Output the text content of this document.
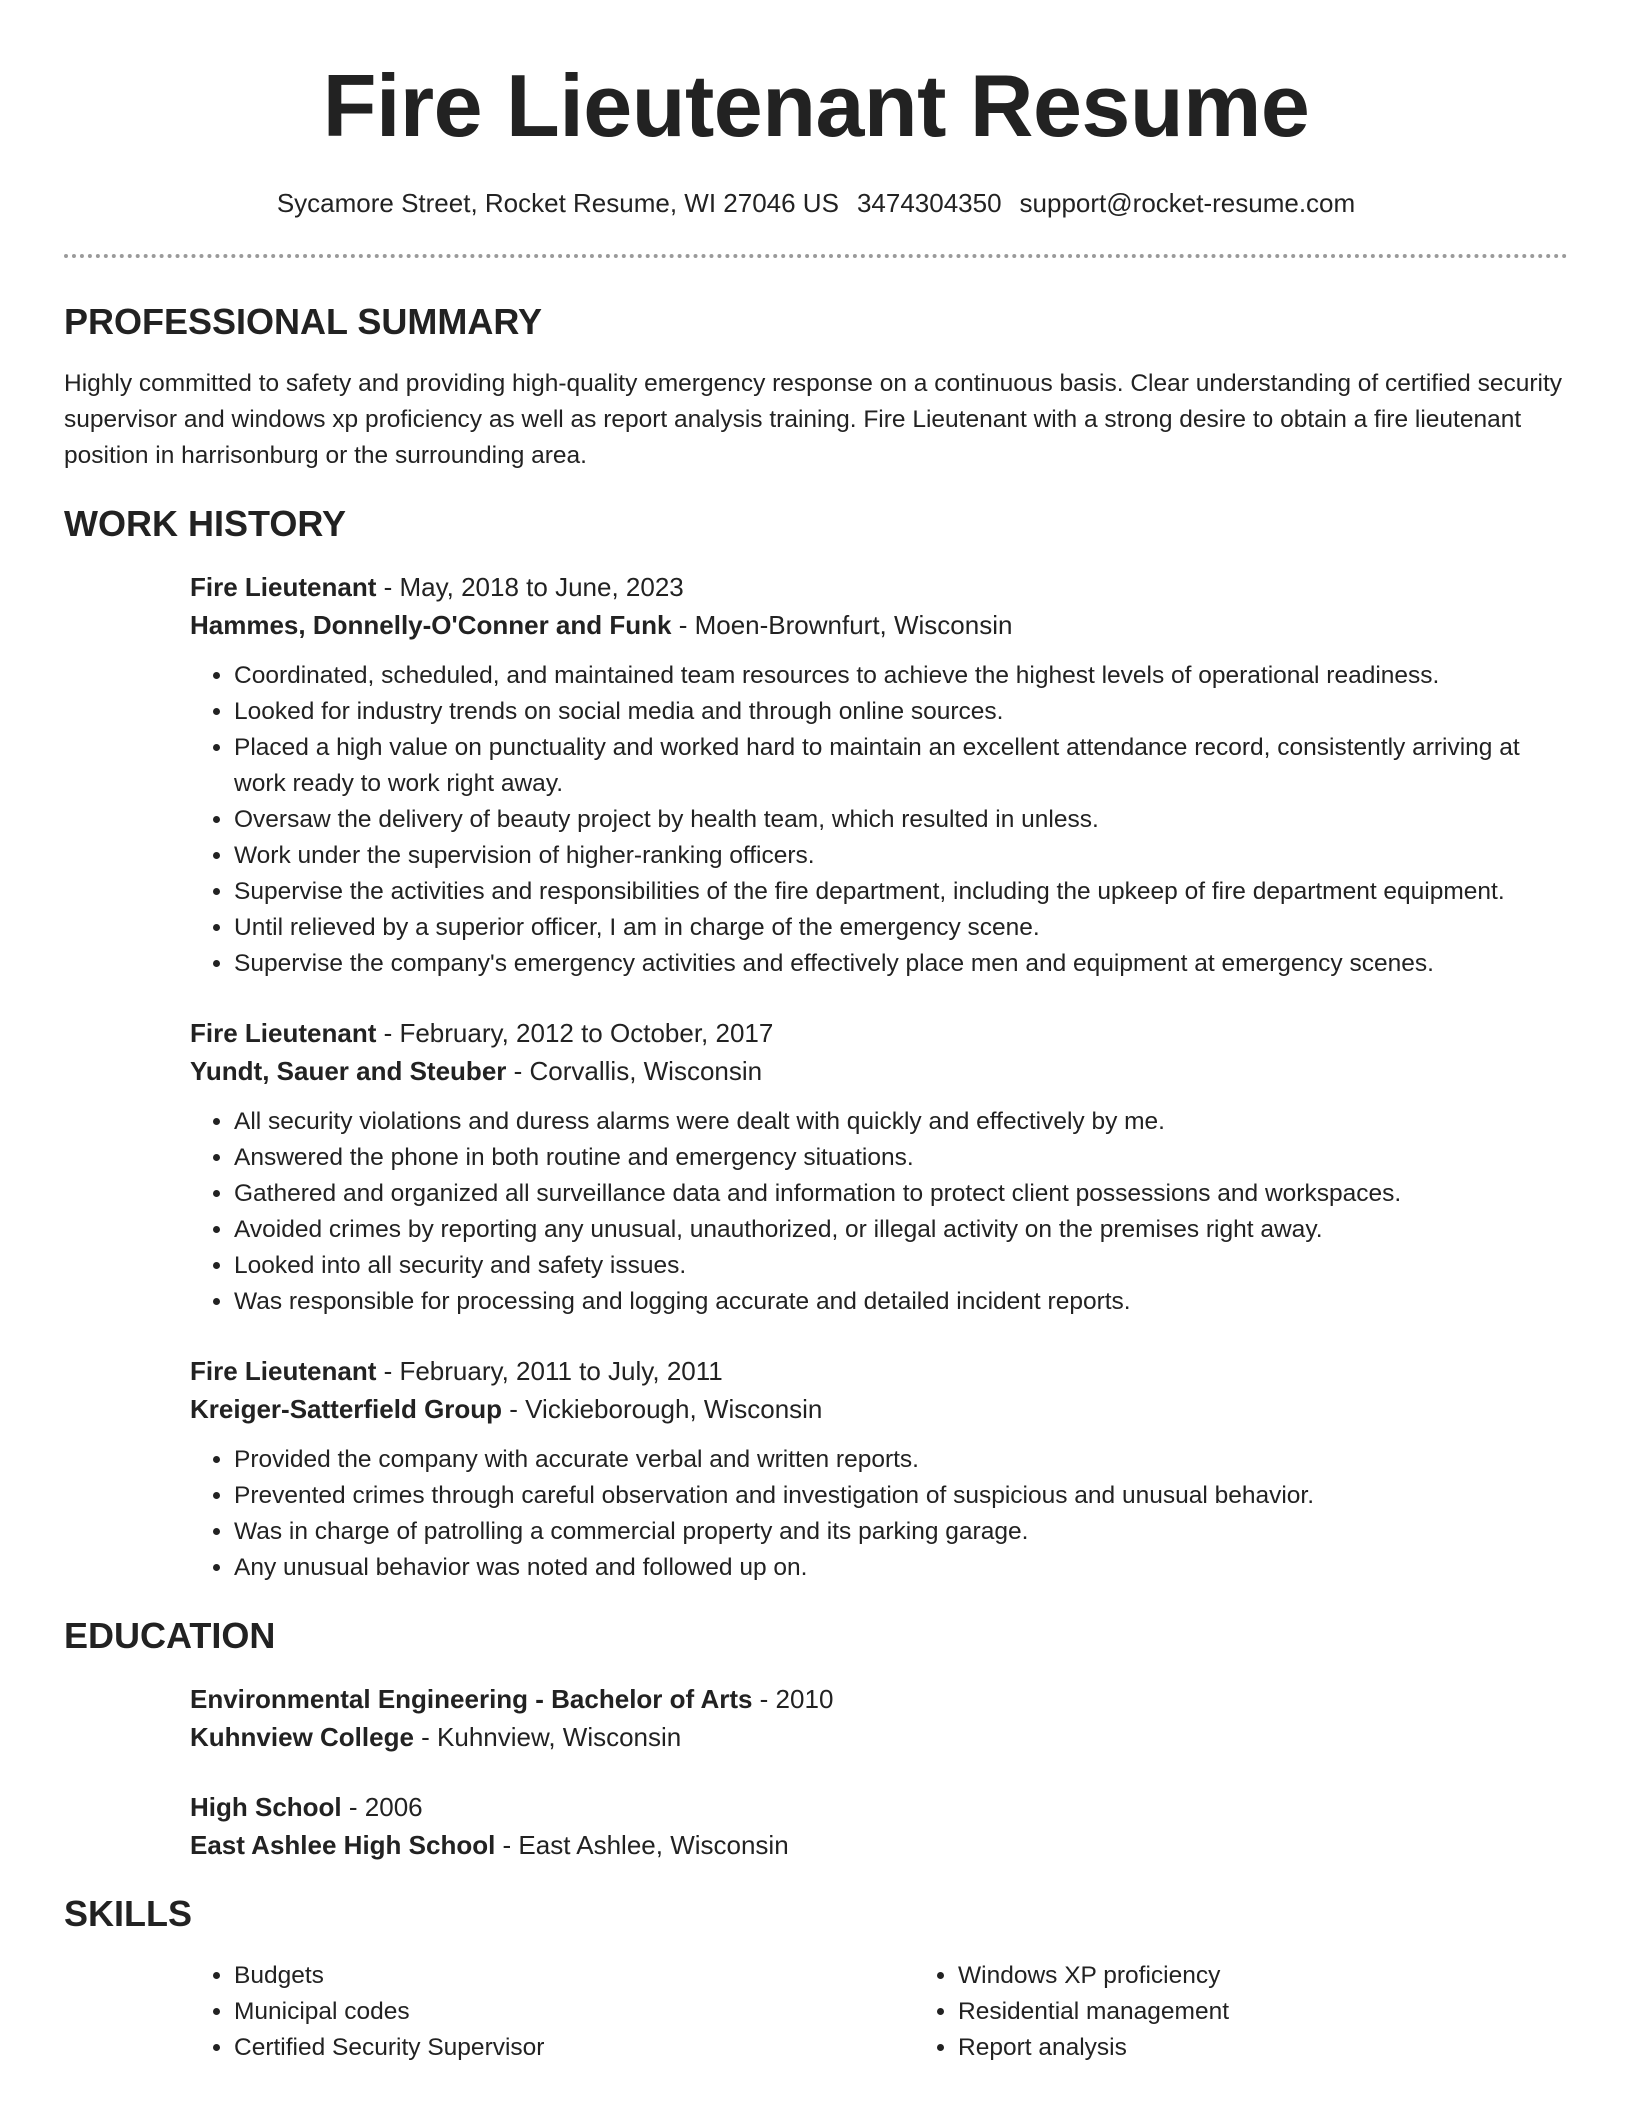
Fire Lieutenant Resume
Sycamore Street, Rocket Resume, WI 27046 US 3474304350 support@rocket-resume.com
PROFESSIONAL SUMMARY

Highly committed to safety and providing high-quality emergency response on a continuous basis. Clear understanding of certified security supervisor and windows xp proficiency as well as report analysis training. Fire Lieutenant with a strong desire to obtain a fire lieutenant position in harrisonburg or the surrounding area.

WORK HISTORY
Fire Lieutenant - May, 2018 to June, 2023
Hammes, Donnelly-O'Conner and Funk - Moen-Brownfurt, Wisconsin
• Coordinated, scheduled, and maintained team resources to achieve the highest levels of operational readiness.
• Looked for industry trends on social media and through online sources.
• Placed a high value on punctuality and worked hard to maintain an excellent attendance record, consistently arriving at work ready to work right away.
• Oversaw the delivery of beauty project by health team, which resulted in unless.
• Work under the supervision of higher-ranking officers.
• Supervise the activities and responsibilities of the fire department, including the upkeep of fire department equipment.
• Until relieved by a superior officer, I am in charge of the emergency scene.
• Supervise the company's emergency activities and effectively place men and equipment at emergency scenes.
Fire Lieutenant - February, 2012 to October, 2017
Yundt, Sauer and Steuber - Corvallis, Wisconsin
• All security violations and duress alarms were dealt with quickly and effectively by me.
• Answered the phone in both routine and emergency situations.
• Gathered and organized all surveillance data and information to protect client possessions and workspaces.
• Avoided crimes by reporting any unusual, unauthorized, or illegal activity on the premises right away.
• Looked into all security and safety issues.
• Was responsible for processing and logging accurate and detailed incident reports.
Fire Lieutenant - February, 2011 to July, 2011
Kreiger-Satterfield Group - Vickieborough, Wisconsin
• Provided the company with accurate verbal and written reports.
• Prevented crimes through careful observation and investigation of suspicious and unusual behavior.
• Was in charge of patrolling a commercial property and its parking garage.
• Any unusual behavior was noted and followed up on.
EDUCATION
Environmental Engineering - Bachelor of Arts - 2010
Kuhnview College - Kuhnview, Wisconsin
High School - 2006
East Ashlee High School - East Ashlee, Wisconsin
SKILLS
• Budgets
• Municipal codes
• Certified Security Supervisor
• Windows XP proficiency
• Residential management
• Report analysis
